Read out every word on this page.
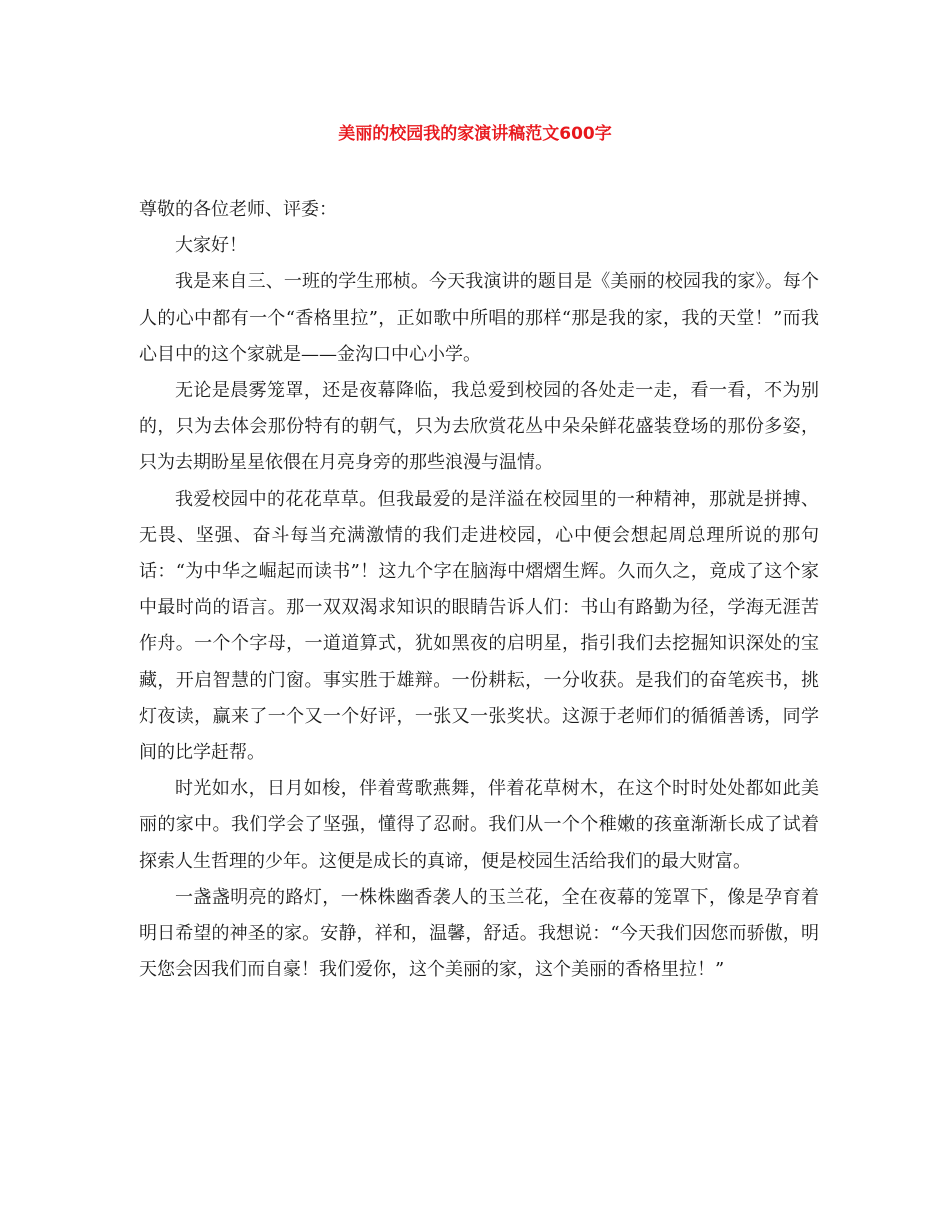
美丽的校园我的家演讲稿范文600字

尊敬的各位老师、评委：

大家好！

我是来自三、一班的学生邢桢。今天我演讲的题目是《美丽的校园我的家》。每个人的心中都有一个“香格里拉”，正如歌中所唱的那样“那是我的家，我的天堂！”而我心目中的这个家就是——金沟口中心小学。

无论是晨雾笼罩，还是夜幕降临，我总爱到校园的各处走一走，看一看，不为别的，只为去体会那份特有的朝气，只为去欣赏花丛中朵朵鲜花盛装登场的那份多姿，只为去期盼星星依偎在月亮身旁的那些浪漫与温情。

我爱校园中的花花草草。但我最爱的是洋溢在校园里的一种精神，那就是拼搏、无畏、坚强、奋斗每当充满激情的我们走进校园，心中便会想起周总理所说的那句话：“为中华之崛起而读书”！这九个字在脑海中熠熠生辉。久而久之，竟成了这个家中最时尚的语言。那一双双渴求知识的眼睛告诉人们：书山有路勤为径，学海无涯苦作舟。一个个字母，一道道算式，犹如黑夜的启明星，指引我们去挖掘知识深处的宝藏，开启智慧的门窗。事实胜于雄辩。一份耕耘，一分收获。是我们的奋笔疾书，挑灯夜读，赢来了一个又一个好评，一张又一张奖状。这源于老师们的循循善诱，同学间的比学赶帮。

时光如水，日月如梭，伴着莺歌燕舞，伴着花草树木，在这个时时处处都如此美丽的家中。我们学会了坚强，懂得了忍耐。我们从一个个稚嫩的孩童渐渐长成了试着探索人生哲理的少年。这便是成长的真谛，便是校园生活给我们的最大财富。

一盏盏明亮的路灯，一株株幽香袭人的玉兰花，全在夜幕的笼罩下，像是孕育着明日希望的神圣的家。安静，祥和，温馨，舒适。我想说：“今天我们因您而骄傲，明天您会因我们而自豪！我们爱你，这个美丽的家，这个美丽的香格里拉！”
